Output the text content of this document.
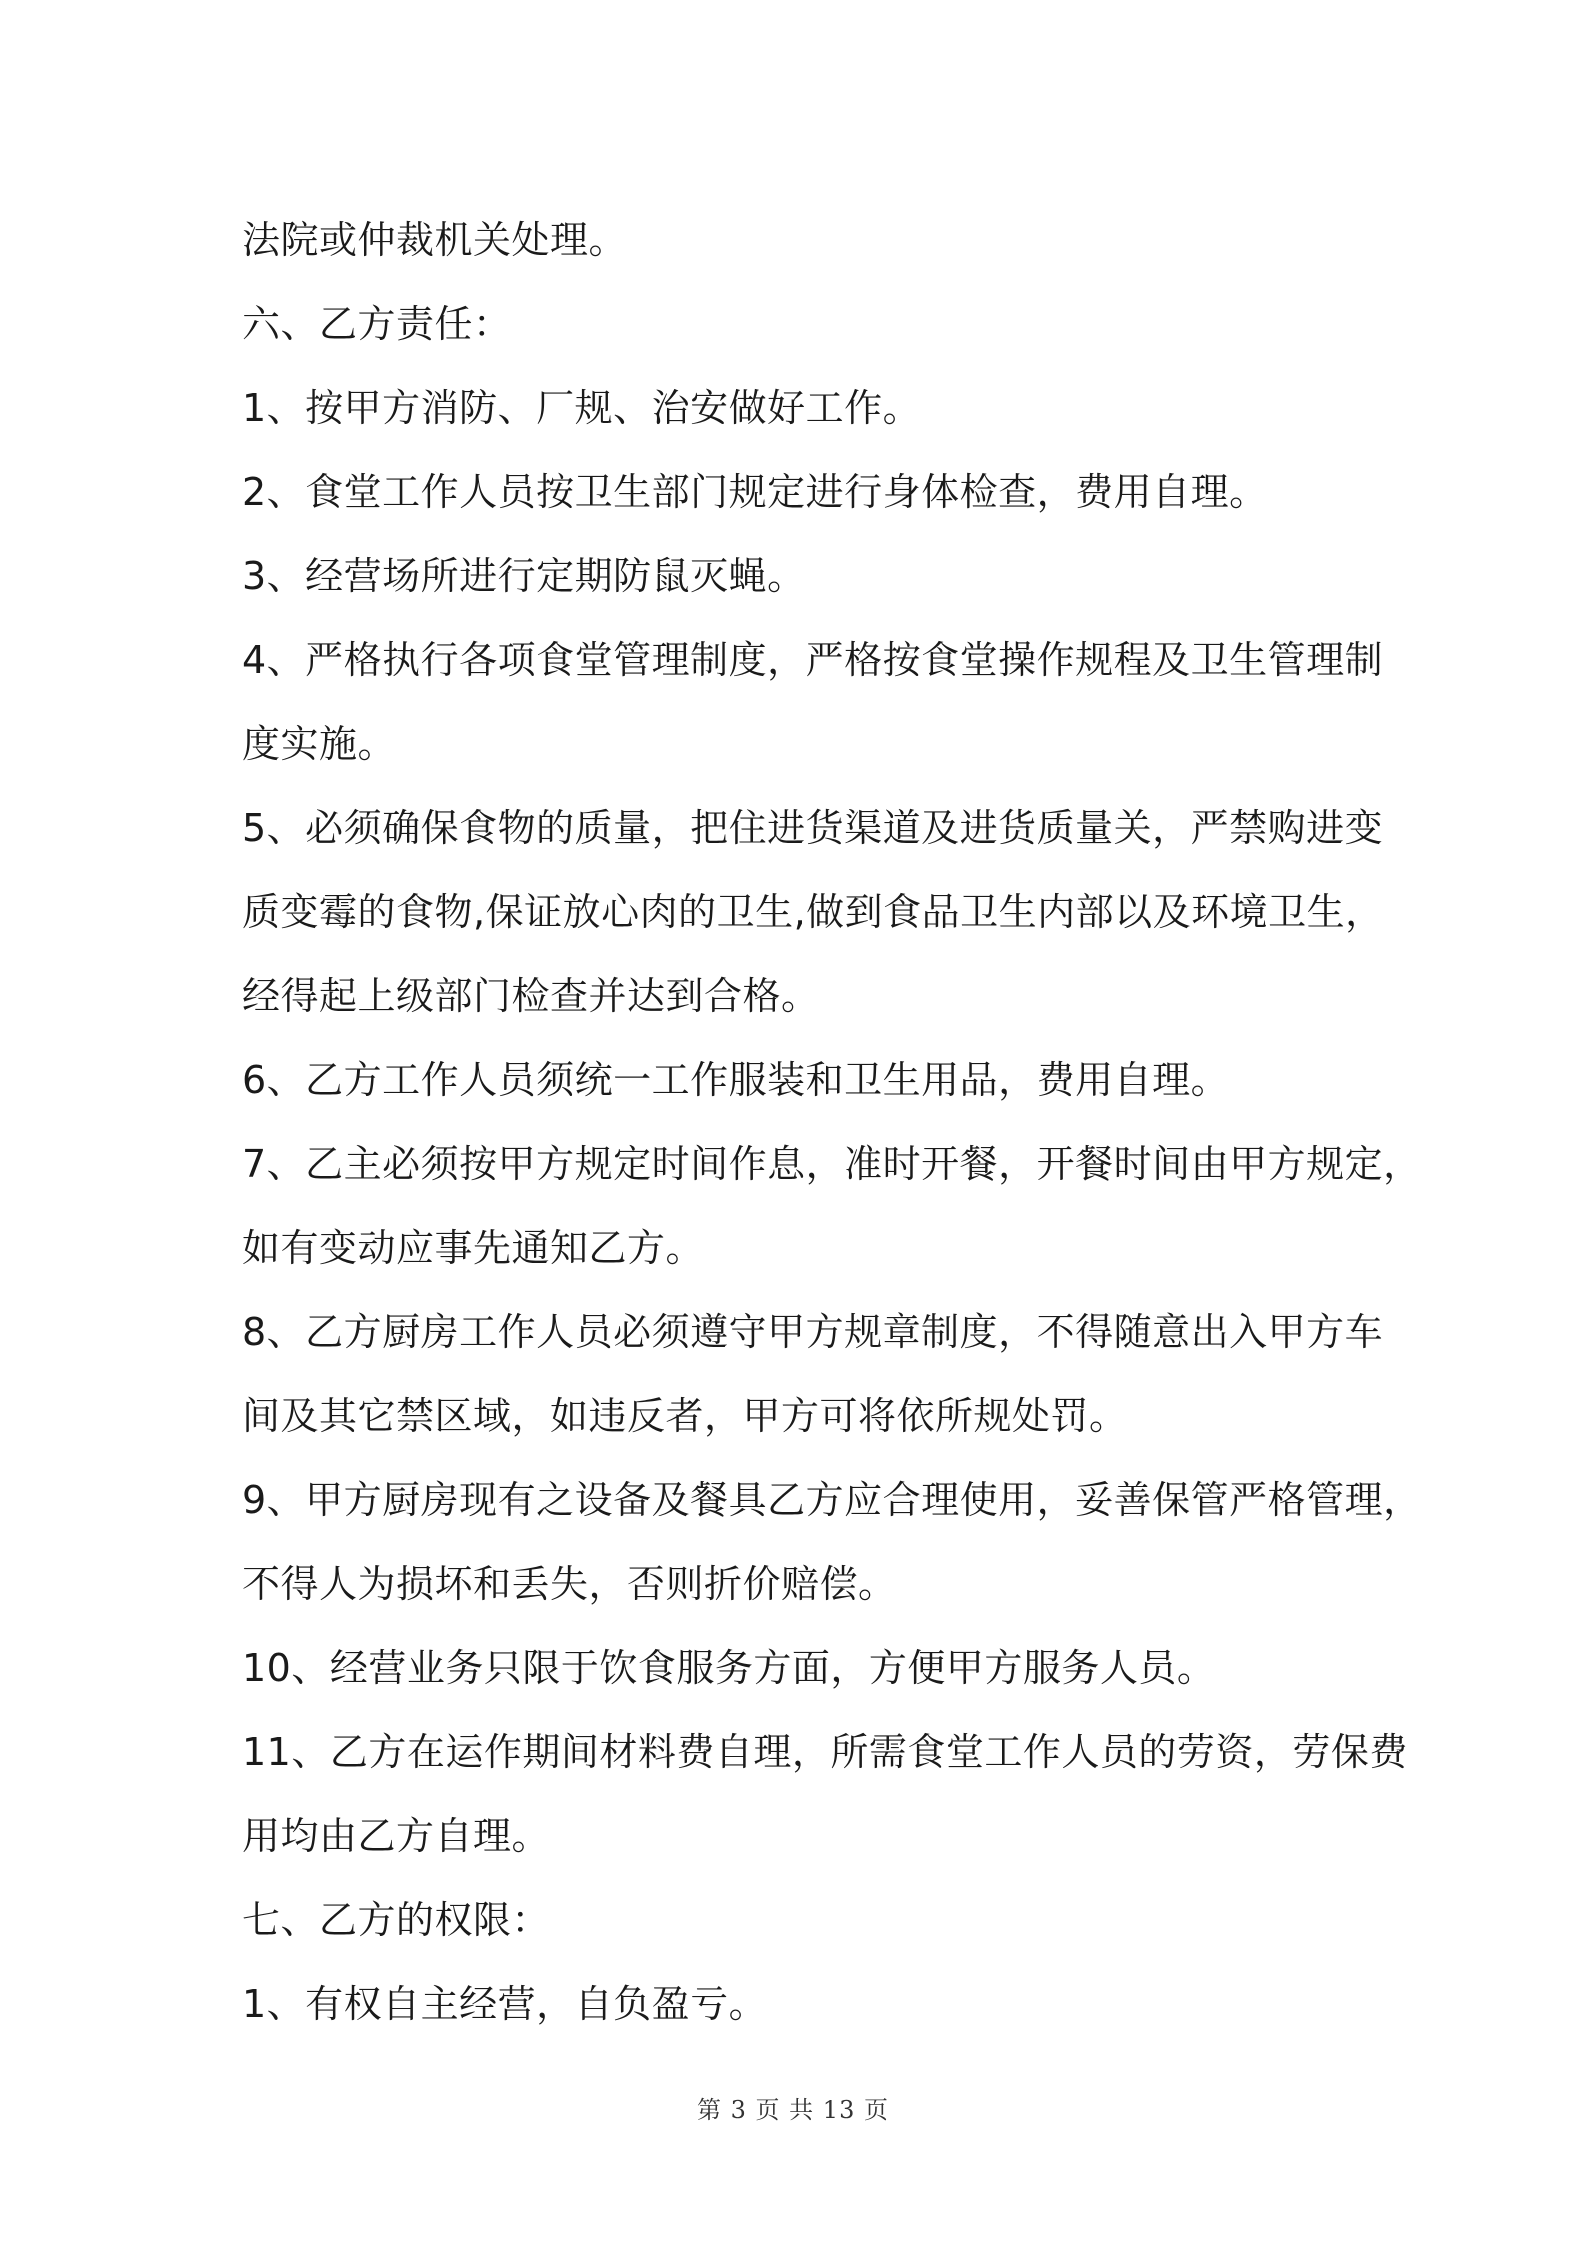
法院或仲裁机关处理。
六、乙方责任：
1、按甲方消防、厂规、治安做好工作。
2、食堂工作人员按卫生部门规定进行身体检查，费用自理。
3、经营场所进行定期防鼠灭蝇。
4、严格执行各项食堂管理制度，严格按食堂操作规程及卫生管理制
度实施。
5、必须确保食物的质量，把住进货渠道及进货质量关，严禁购进变
质变霉的食物,保证放心肉的卫生,做到食品卫生内部以及环境卫生，
经得起上级部门检查并达到合格。
6、乙方工作人员须统一工作服装和卫生用品，费用自理。
7、乙主必须按甲方规定时间作息，准时开餐，开餐时间由甲方规定，
如有变动应事先通知乙方。
8、乙方厨房工作人员必须遵守甲方规章制度，不得随意出入甲方车
间及其它禁区域，如违反者，甲方可将依所规处罚。
9、甲方厨房现有之设备及餐具乙方应合理使用，妥善保管严格管理，
不得人为损坏和丢失，否则折价赔偿。
10、经营业务只限于饮食服务方面，方便甲方服务人员。
11、乙方在运作期间材料费自理，所需食堂工作人员的劳资，劳保费
用均由乙方自理。
七、乙方的权限：
1、有权自主经营，自负盈亏。
第 3 页 共 13 页
